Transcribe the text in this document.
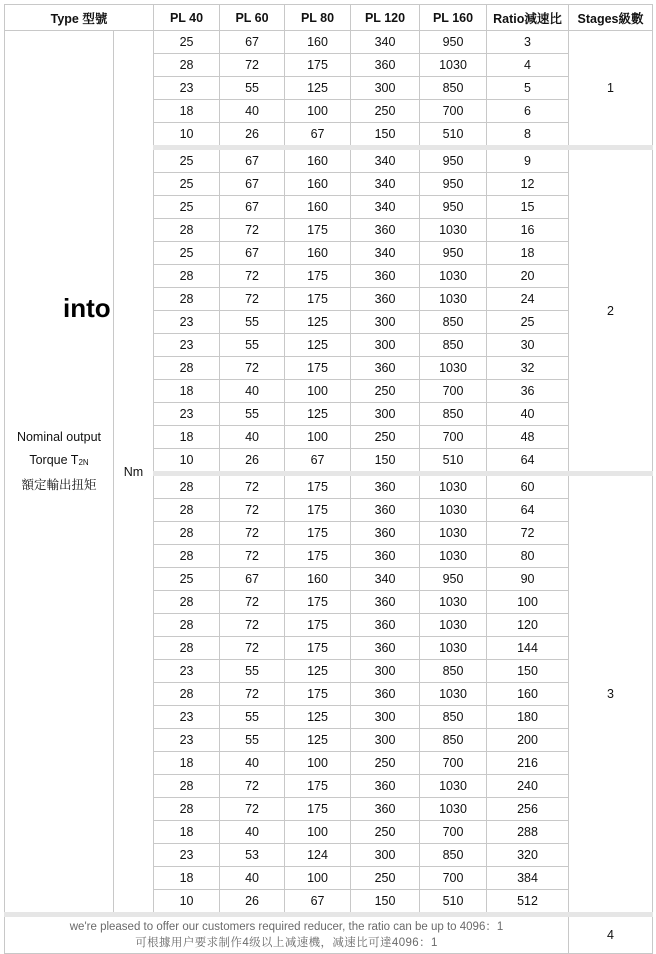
Type 型號		PL 40	PL 60	PL 80	PL 120	PL 160	Ratio減速比	Stages級數

into
Nominal output
Torque T2N
額定輸出扭矩	Nm	25	67	160	340	950	3	1
		28	72	175	360	1030	4	
		23	55	125	300	850	5	
		18	40	100	250	700	6	
		10	26	67	150	510	8	
		25	67	160	340	950	9	2
		25	67	160	340	950	12	
		25	67	160	340	950	15	
		28	72	175	360	1030	16	
		25	67	160	340	950	18	
		28	72	175	360	1030	20	
		28	72	175	360	1030	24	
		23	55	125	300	850	25	
		23	55	125	300	850	30	
		28	72	175	360	1030	32	
		18	40	100	250	700	36	
		23	55	125	300	850	40	
		18	40	100	250	700	48	
		10	26	67	150	510	64	
		28	72	175	360	1030	60	3
		28	72	175	360	1030	64	
		28	72	175	360	1030	72	
		28	72	175	360	1030	80	
		25	67	160	340	950	90	
		28	72	175	360	1030	100	
		28	72	175	360	1030	120	
		28	72	175	360	1030	144	
		23	55	125	300	850	150	
		28	72	175	360	1030	160	
		23	55	125	300	850	180	
		23	55	125	300	850	200	
		18	40	100	250	700	216	
		28	72	175	360	1030	240	
		28	72	175	360	1030	256	
		18	40	100	250	700	288	
		23	53	124	300	850	320	
		18	40	100	250	700	384	
		10	26	67	150	510	512	

we're pleased to offer our customers required reducer, the ratio can be up to 4096：1
可根據用户要求制作4级以上减速機，减速比可達4096：1								4
